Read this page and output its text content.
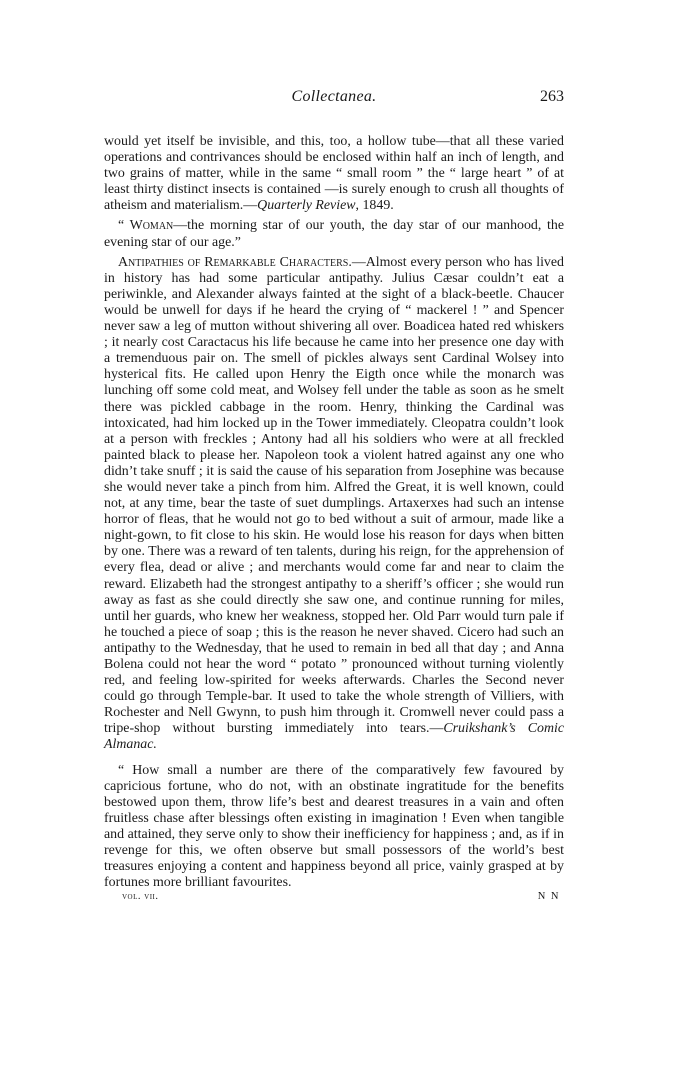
Collectanea.	263

would yet itself be invisible, and this, too, a hollow tube—that all these varied operations and contrivances should be enclosed within half an inch of length, and two grains of matter, while in the same “ small room ” the “ large heart ” of at least thirty distinct insects is contained —is surely enough to crush all thoughts of atheism and materialism.—Quarterly Review, 1849.

“ Woman—the morning star of our youth, the day star of our manhood, the evening star of our age.”

Antipathies of Remarkable Characters.—Almost every person who has lived in history has had some particular antipathy. Julius Cæsar couldn’t eat a periwinkle, and Alexander always fainted at the sight of a black-beetle. Chaucer would be unwell for days if he heard the crying of “ mackerel ! ” and Spencer never saw a leg of mutton without shivering all over. Boadicea hated red whiskers ; it nearly cost Caractacus his life because he came into her presence one day with a tremenduous pair on. The smell of pickles always sent Cardinal Wolsey into hysterical fits. He called upon Henry the Eigth once while the monarch was lunching off some cold meat, and Wolsey fell under the table as soon as he smelt there was pickled cabbage in the room. Henry, thinking the Cardinal was intoxicated, had him locked up in the Tower immediately. Cleopatra couldn’t look at a person with freckles ; Antony had all his soldiers who were at all freckled painted black to please her. Napoleon took a violent hatred against any one who didn’t take snuff ; it is said the cause of his separation from Josephine was because she would never take a pinch from him. Alfred the Great, it is well known, could not, at any time, bear the taste of suet dumplings. Artaxerxes had such an intense horror of fleas, that he would not go to bed without a suit of armour, made like a night-gown, to fit close to his skin. He would lose his reason for days when bitten by one. There was a reward of ten talents, during his reign, for the apprehension of every flea, dead or alive ; and merchants would come far and near to claim the reward. Elizabeth had the strongest antipathy to a sheriff’s officer ; she would run away as fast as she could directly she saw one, and continue running for miles, until her guards, who knew her weakness, stopped her. Old Parr would turn pale if he touched a piece of soap ; this is the reason he never shaved. Cicero had such an antipathy to the Wednesday, that he used to remain in bed all that day ; and Anna Bolena could not hear the word “ potato ” pronounced without turning violently red, and feeling low-spirited for weeks afterwards. Charles the Second never could go through Temple-bar. It used to take the whole strength of Villiers, with Rochester and Nell Gwynn, to push him through it. Cromwell never could pass a tripe-shop without bursting immediately into tears.—Cruikshank’s Comic Almanac.

“ How small a number are there of the comparatively few favoured by capricious fortune, who do not, with an obstinate ingratitude for the benefits bestowed upon them, throw life’s best and dearest treasures in a vain and often fruitless chase after blessings often existing in imagination ! Even when tangible and attained, they serve only to show their inefficiency for happiness ; and, as if in revenge for this, we often observe but small possessors of the world’s best treasures enjoying a content and happiness beyond all price, vainly grasped at by fortunes more brilliant favourites.

vol. vii.	N N
